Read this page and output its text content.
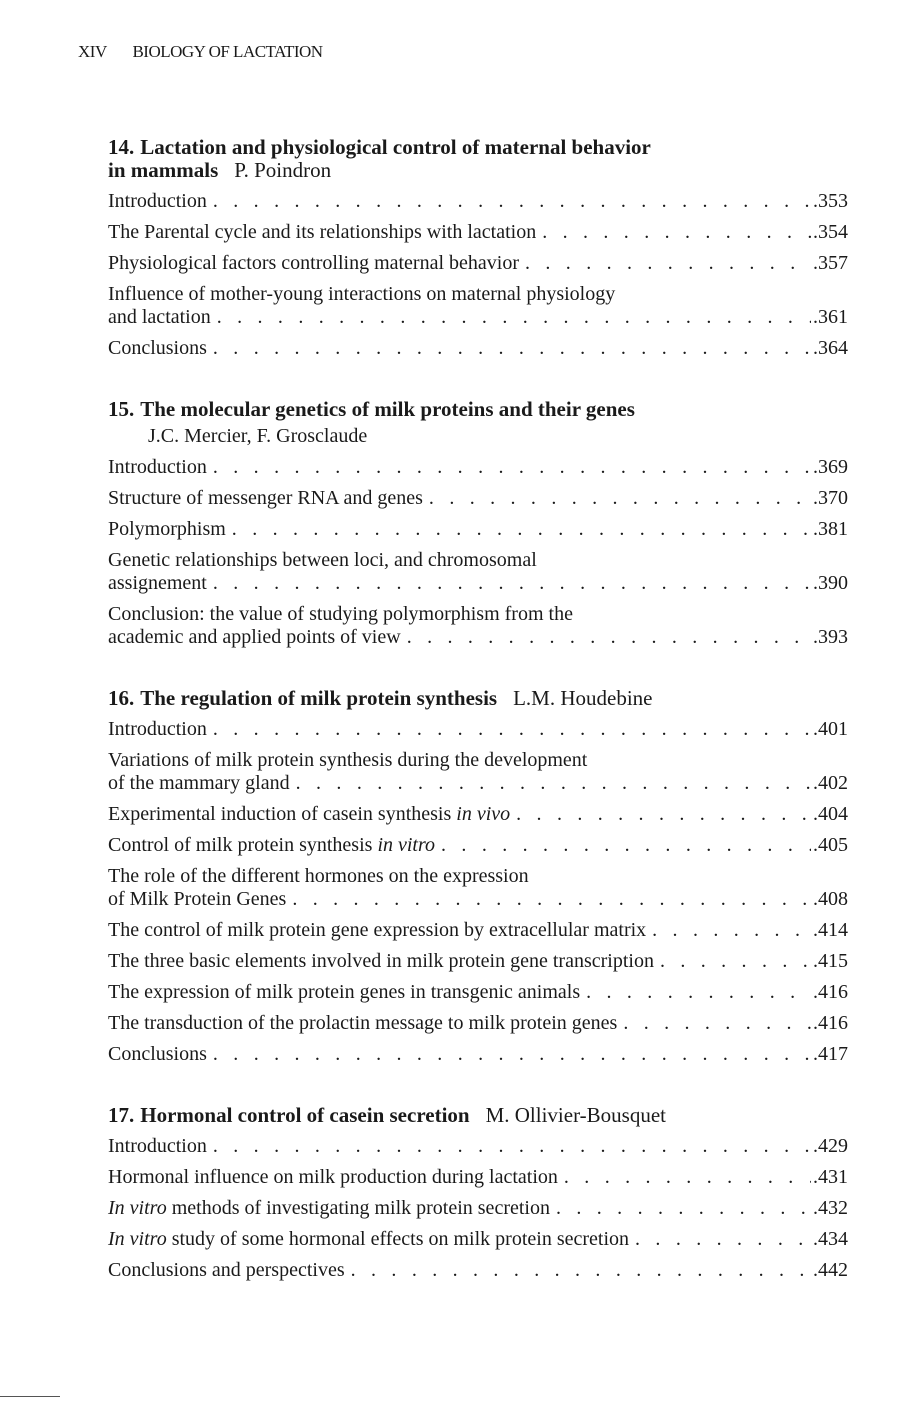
XIV BIOLOGY OF LACTATION
14. Lactation and physiological control of maternal behavior
in mammals P. Poindron
Introduction . . .	.353
The Parental cycle and its relationships with lactation . . .	.354
Physiological factors controlling maternal behavior . . .	.357
Influence of mother-young interactions on maternal physiology
and lactation . . .	.361
Conclusions . . .	.364
15. The molecular genetics of milk proteins and their genes
J.C. Mercier, F. Grosclaude
Introduction . . .	.369
Structure of messenger RNA and genes . . .	.370
Polymorphism . . .	.381
Genetic relationships between loci, and chromosomal
assignement . . .	.390
Conclusion: the value of studying polymorphism from the
academic and applied points of view . . .	.393
16. The regulation of milk protein synthesis L.M. Houdebine
Introduction . . .	.401
Variations of milk protein synthesis during the development
of the mammary gland . . .	.402
Experimental induction of casein synthesis in vivo . . .	.404
Control of milk protein synthesis in vitro . . .	.405
The role of the different hormones on the expression
of Milk Protein Genes . . .	.408
The control of milk protein gene expression by extracellular matrix . . .	.414
The three basic elements involved in milk protein gene transcription . . .	.415
The expression of milk protein genes in transgenic animals . . .	.416
The transduction of the prolactin message to milk protein genes . . .	.416
Conclusions . . .	.417
17. Hormonal control of casein secretion M. Ollivier-Bousquet
Introduction . . .	.429
Hormonal influence on milk production during lactation . . .	.431
In vitro methods of investigating milk protein secretion . . .	.432
In vitro study of some hormonal effects on milk protein secretion . . .	.434
Conclusions and perspectives . . .	.442
